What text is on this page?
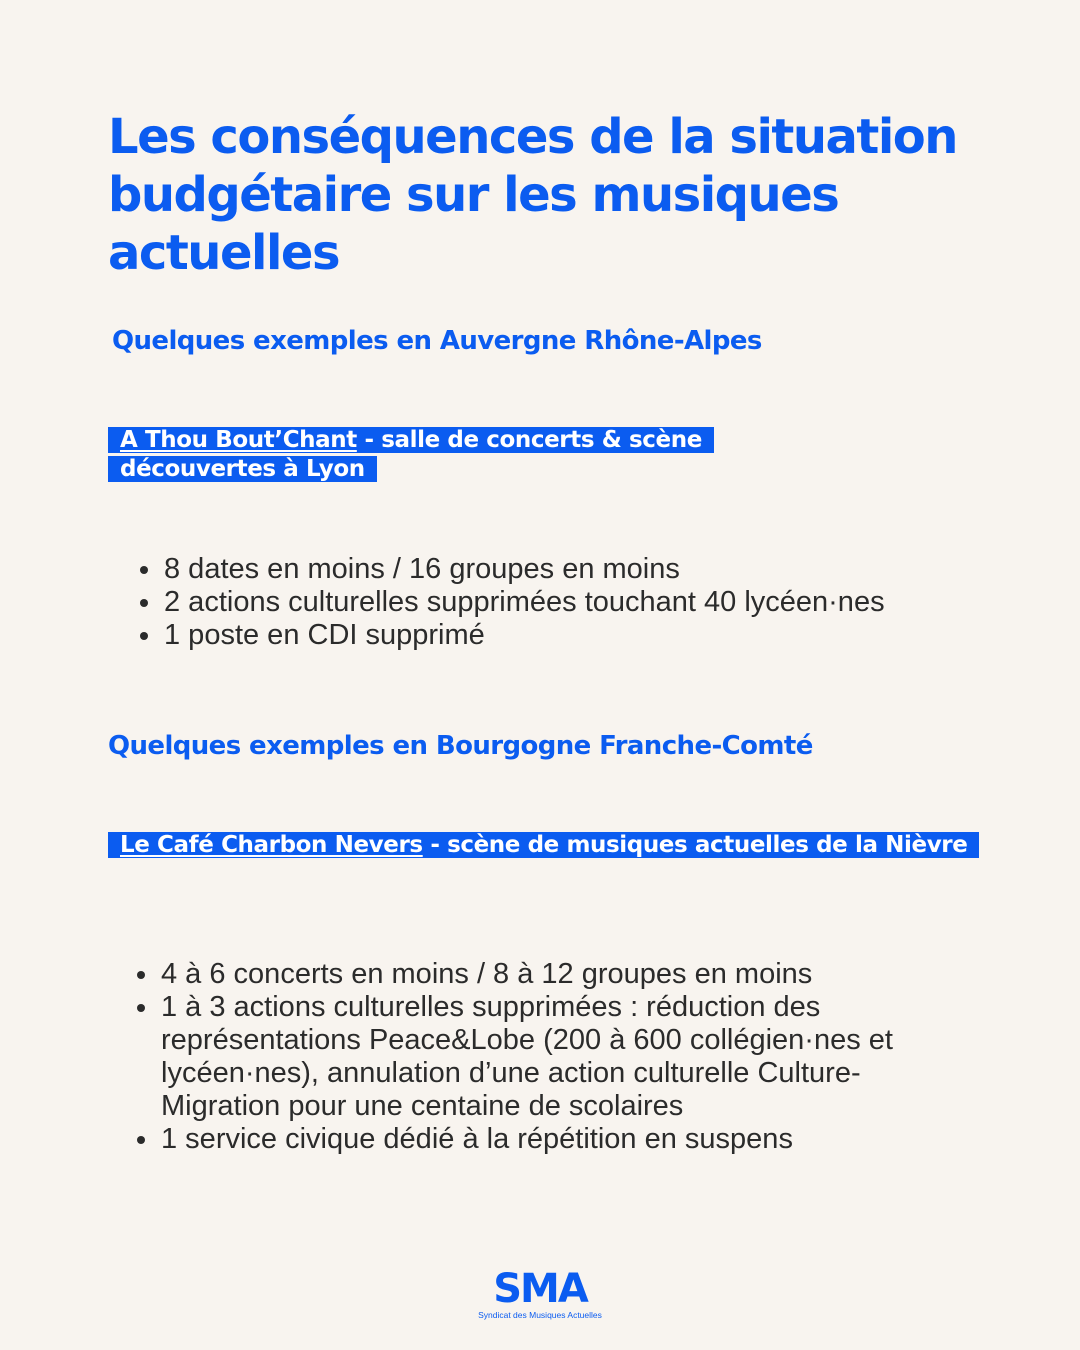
Les conséquences de la situation budgétaire sur les musiques actuelles
Quelques exemples en Auvergne Rhône-Alpes

A Thou Bout’Chant - salle de concerts & scène découvertes à Lyon

8 dates en moins / 16 groupes en moins
2 actions culturelles supprimées touchant 40 lycéen·nes
1 poste en CDI supprimé
Quelques exemples en Bourgogne Franche-Comté

Le Café Charbon Nevers - scène de musiques actuelles de la Nièvre

4 à 6 concerts en moins / 8 à 12 groupes en moins
1 à 3 actions culturelles supprimées : réduction des représentations Peace&Lobe (200 à 600 collégien·nes et lycéen·nes), annulation d’une action culturelle Culture-Migration pour une centaine de scolaires
1 service civique dédié à la répétition en suspens
SMA
Syndicat des Musiques Actuelles
